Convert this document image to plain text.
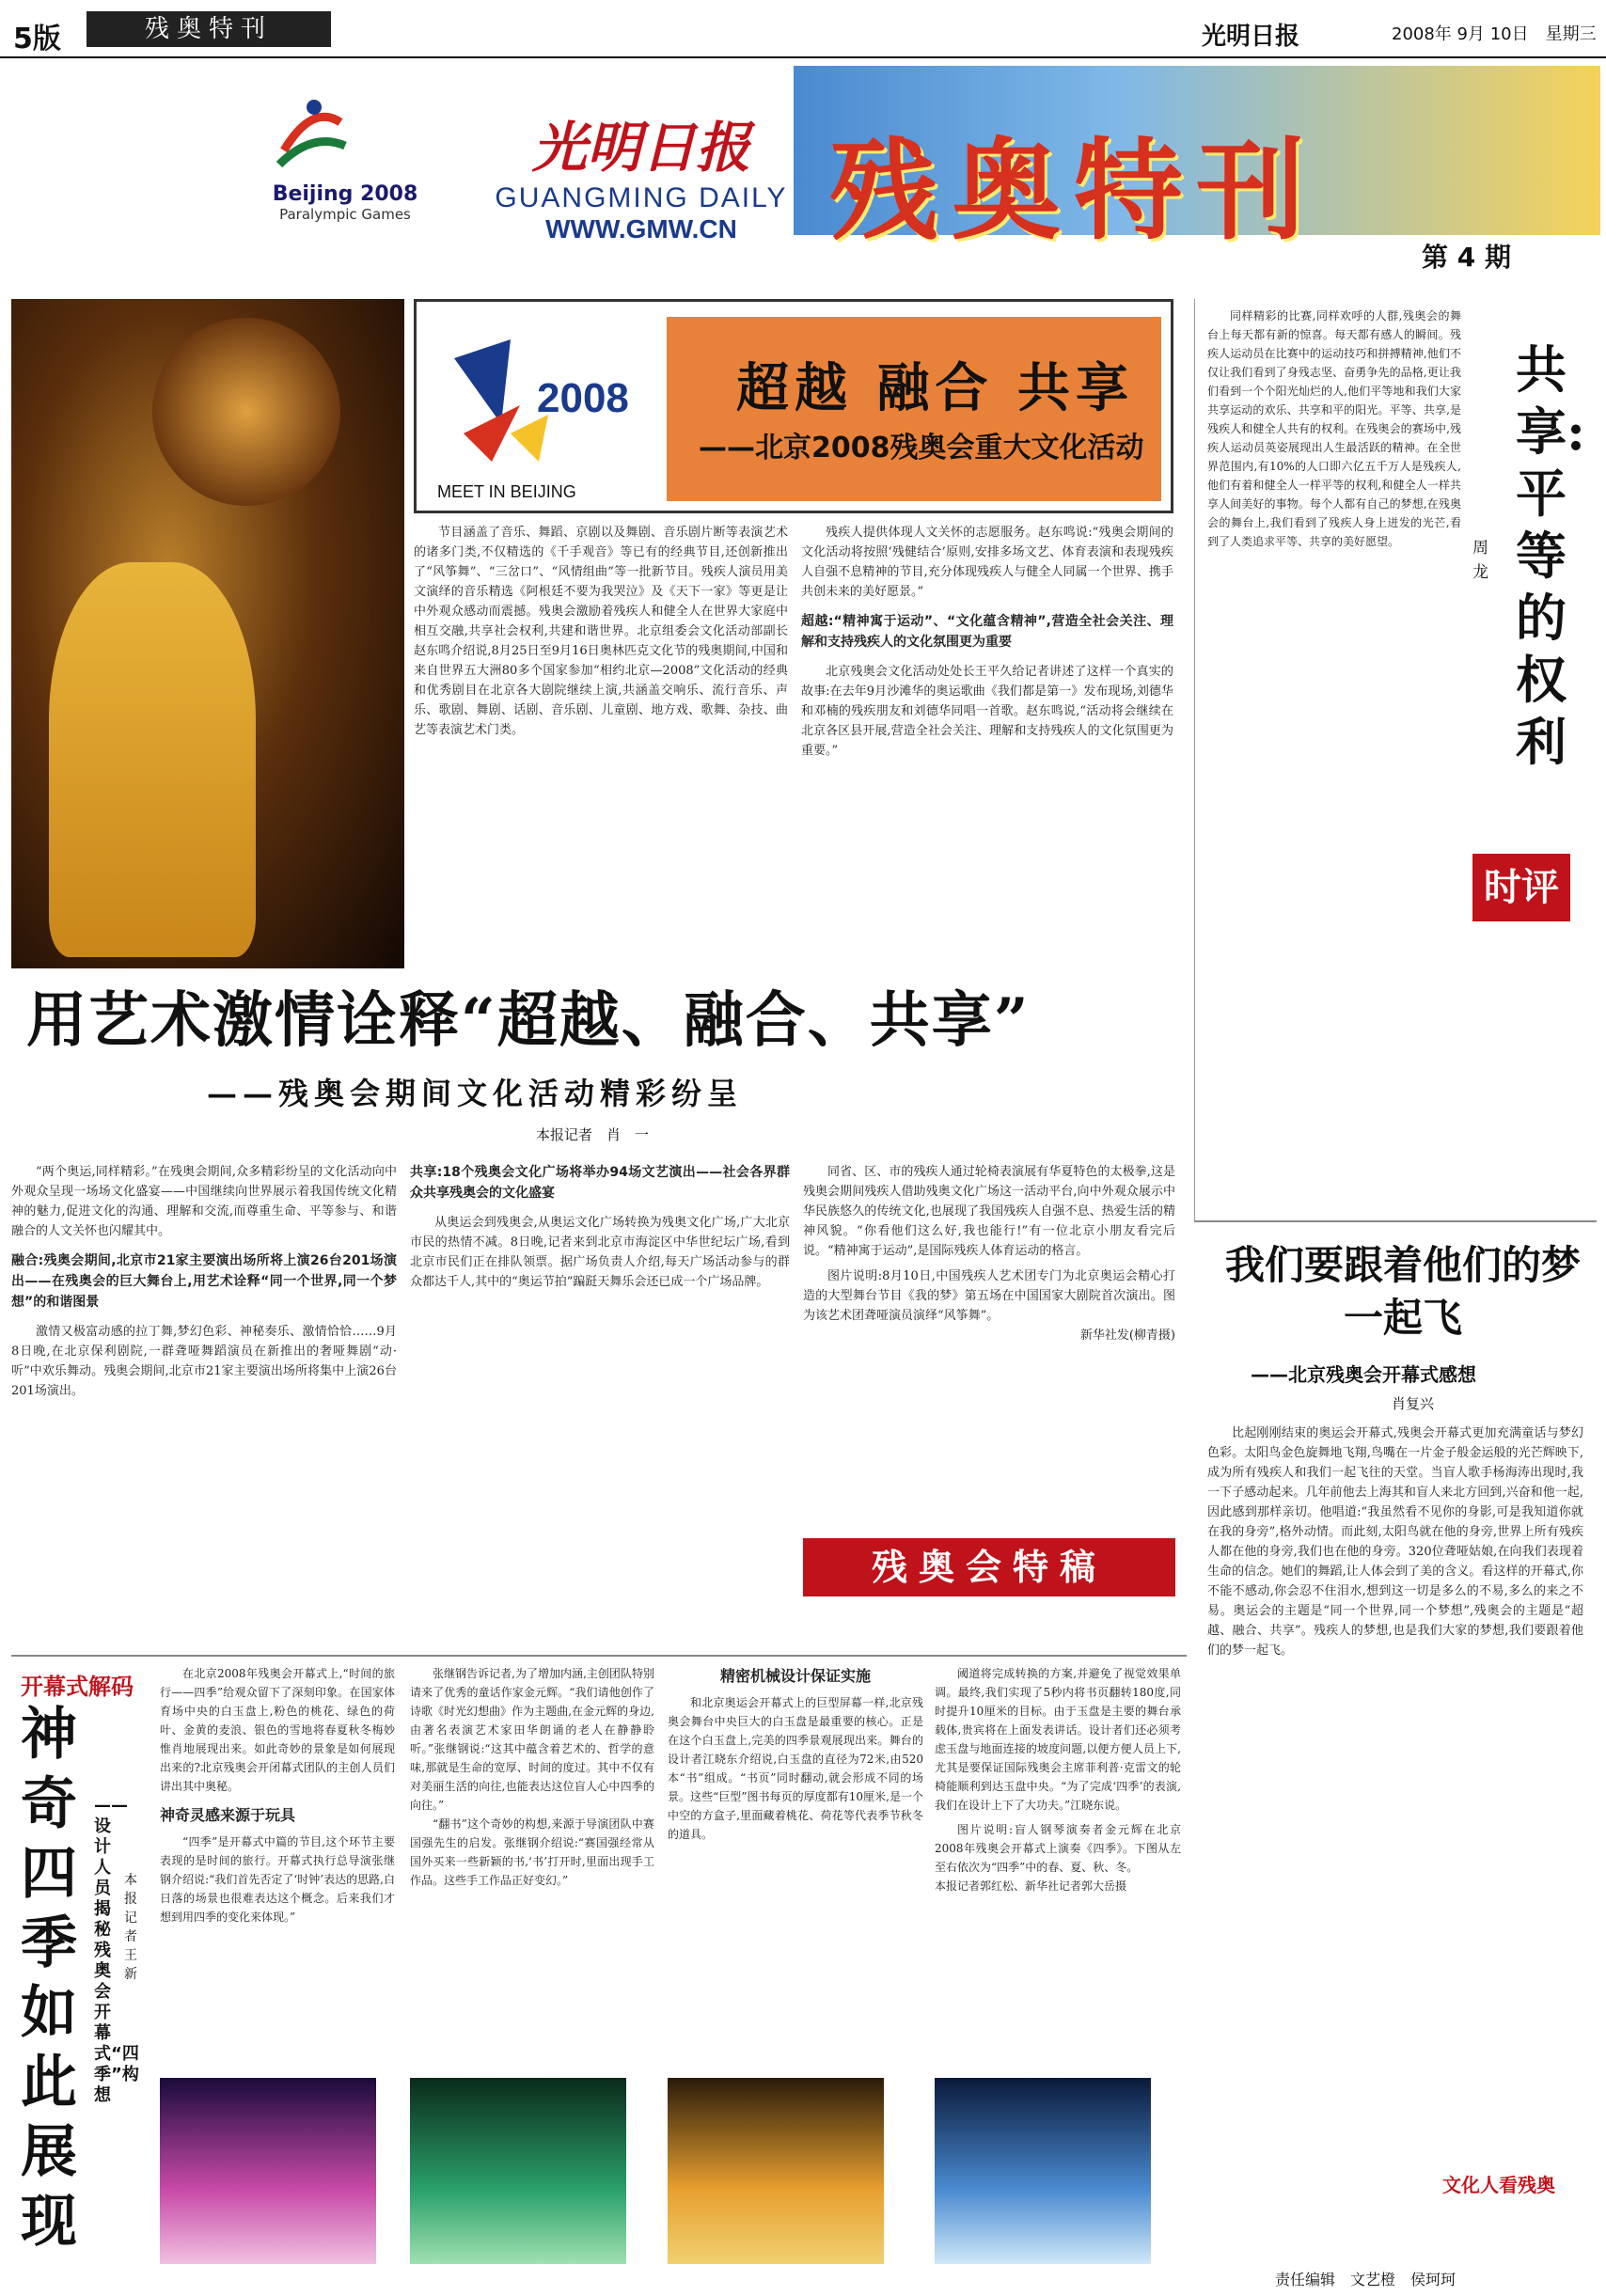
5版	残奥特刊	光明日报	2008年 9月 10日　星期三
Beijing 2008
Paralympic Games
光明日报
GUANGMING DAILY
WWW.GMW.CN 残奥特刊
第 4 期
2008
MEET IN BEIJING
超越 融合 共享
——北京2008残奥会重大文化活动

节目涵盖了音乐、舞蹈、京剧以及舞剧、音乐剧片断等表演艺术的诸多门类,不仅精选的《千手观音》等已有的经典节目,还创新推出了“风筝舞”、“三岔口”、“风情组曲”等一批新节目。残疾人演员用美文演绎的音乐精选《阿根廷不要为我哭泣》及《天下一家》等更是让中外观众感动而震撼。残奥会激励着残疾人和健全人在世界大家庭中相互交融,共享社会权利,共建和谐世界。北京组委会文化活动部副长赵东鸣介绍说,8月25日至9月16日奥林匹克文化节的残奥期间,中国和来自世界五大洲80多个国家参加“相约北京—2008”文化活动的经典和优秀剧目在北京各大剧院继续上演,共涵盖交响乐、流行音乐、声乐、歌剧、舞剧、话剧、音乐剧、儿童剧、地方戏、歌舞、杂技、曲艺等表演艺术门类。

残疾人提供体现人文关怀的志愿服务。赵东鸣说:“残奥会期间的文化活动将按照‘残健结合’原则,安排多场文艺、体育表演和表现残疾人自强不息精神的节目,充分体现残疾人与健全人同属一个世界、携手共创未来的美好愿景。”

超越:“精神寓于运动”、“文化蕴含精神”,营造全社会关注、理解和支持残疾人的文化氛围更为重要

北京残奥会文化活动处处长王平久给记者讲述了这样一个真实的故事:在去年9月沙滩华的奥运歌曲《我们都是第一》发布现场,刘德华和邓楠的残疾朋友和刘德华同唱一首歌。赵东鸣说,“活动将会继续在北京各区县开展,营造全社会关注、理解和支持残疾人的文化氛围更为重要。”

用艺术激情诠释“超越、融合、共享”
——残奥会期间文化活动精彩纷呈
本报记者　肖　一

“两个奥运,同样精彩。”在残奥会期间,众多精彩纷呈的文化活动向中外观众呈现一场场文化盛宴——中国继续向世界展示着我国传统文化精神的魅力,促进文化的沟通、理解和交流,而尊重生命、平等参与、和谐融合的人文关怀也闪耀其中。

融合:残奥会期间,北京市21家主要演出场所将上演26台201场演出——在残奥会的巨大舞台上,用艺术诠释“同一个世界,同一个梦想”的和谐图景

激情又极富动感的拉丁舞,梦幻色彩、神秘奏乐、激情恰恰……9月8日晚,在北京保利剧院,一群聋哑舞蹈演员在新推出的奢哑舞剧“动·听”中欢乐舞动。残奥会期间,北京市21家主要演出场所将集中上演26台201场演出。

共享:18个残奥会文化广场将举办94场文艺演出——社会各界群众共享残奥会的文化盛宴

从奥运会到残奥会,从奥运文化广场转换为残奥文化广场,广大北京市民的热情不减。8日晚,记者来到北京市海淀区中华世纪坛广场,看到北京市民们正在排队领票。据广场负责人介绍,每天广场活动参与的群众都达千人,其中的“奥运节拍”蹁跹天舞乐会还已成一个广场品牌。

同省、区、市的残疾人通过轮椅表演展有华夏特色的太极拳,这是残奥会期间残疾人借助残奥文化广场这一活动平台,向中外观众展示中华民族悠久的传统文化,也展现了我国残疾人自强不息、热爱生活的精神风貌。“你看他们这么好,我也能行!”有一位北京小朋友看完后说。“精神寓于运动”,是国际残疾人体育运动的格言。

图片说明:8月10日,中国残疾人艺术团专门为北京奥运会精心打造的大型舞台节目《我的梦》第五场在中国国家大剧院首次演出。图为该艺术团聋哑演员演绎“风筝舞”。

新华社发(柳青摄)
残奥会特稿

同样精彩的比赛,同样欢呼的人群,残奥会的舞台上每天都有新的惊喜。每天都有感人的瞬间。残疾人运动员在比赛中的运动技巧和拼搏精神,他们不仅让我们看到了身残志坚、奋勇争先的品格,更让我们看到一个个阳光灿烂的人,他们平等地和我们大家共享运动的欢乐、共享和平的阳光。平等、共享,是残疾人和健全人共有的权利。在残奥会的赛场中,残疾人运动员英姿展现出人生最活跃的精神。在全世界范围内,有10%的人口即六亿五千万人是残疾人,他们有着和健全人一样平等的权利,和健全人一样共享人间美好的事物。每个人都有自己的梦想,在残奥会的舞台上,我们看到了残疾人身上迸发的光芒,看到了人类追求平等、共享的美好愿望。

共享:平等的权利
周龙
时评
我们要跟着他们的梦一起飞
——北京残奥会开幕式感想
肖复兴

比起刚刚结束的奥运会开幕式,残奥会开幕式更加充满童话与梦幻色彩。太阳鸟金色旋舞地飞翔,鸟嘴在一片金子般金运般的光芒辉映下,成为所有残疾人和我们一起飞往的天堂。当盲人歌手杨海涛出现时,我一下子感动起来。几年前他去上海其和盲人来北方回到,兴奋和他一起,因此感到那样亲切。他唱道:“我虽然看不见你的身影,可是我知道你就在我的身旁”,格外动情。而此刻,太阳鸟就在他的身旁,世界上所有残疾人都在他的身旁,我们也在他的身旁。320位聋哑姑娘,在向我们表现着生命的信念。她们的舞蹈,让人体会到了美的含义。看这样的开幕式,你不能不感动,你会忍不住泪水,想到这一切是多么的不易,多么的来之不易。奥运会的主题是“同一个世界,同一个梦想”,残奥会的主题是“超越、融合、共享”。残疾人的梦想,也是我们大家的梦想,我们要跟着他们的梦一起飞。

文化人看残奥
开幕式解码
神奇四季如此展现
——设计人员揭秘残奥会开幕式“四季”构想
本报记者　王　新

在北京2008年残奥会开幕式上,“时间的旅行——四季”给观众留下了深刻印象。在国家体育场中央的白玉盘上,粉色的桃花、绿色的荷叶、金黄的麦浪、银色的雪地将春夏秋冬梅妙惟肖地展现出来。如此奇妙的景象是如何展现出来的?北京残奥会开闭幕式团队的主创人员们讲出其中奥秘。

神奇灵感来源于玩具

“四季”是开幕式中篇的节目,这个环节主要表现的是时间的旅行。开幕式执行总导演张继钢介绍说:“我们首先否定了‘时钟’表达的思路,白日落的场景也很难表达这个概念。后来我们才想到用四季的变化来体现。”

张继钢告诉记者,为了增加内涵,主创团队特别请来了优秀的童话作家金元辉。“我们请他创作了诗歌《时光幻想曲》作为主题曲,在金元辉的身边,由著名表演艺术家田华朗诵的老人在静静聆听。”张继钢说:“这其中蕴含着艺术的、哲学的意味,那就是生命的宽厚、时间的度过。其中不仅有对美丽生活的向往,也能表达这位盲人心中四季的向往。”

“翻书”这个奇妙的构想,来源于导演团队中赛国强先生的启发。张继钢介绍说:“赛国强经常从国外买来一些新颖的书,‘书’打开时,里面出现手工作品。这些手工作品正好变幻。”

精密机械设计保证实施

和北京奥运会开幕式上的巨型屏幕一样,北京残奥会舞台中央巨大的白玉盘是最重要的核心。正是在这个白玉盘上,完美的四季景观展现出来。舞台的设计者江晓东介绍说,白玉盘的直径为72米,由520本“书”组成。“书页”同时翻动,就会形成不同的场景。这些“巨型”图书每页的厚度都有10厘米,是一个中空的方盒子,里面藏着桃花、荷花等代表季节秋冬的道具。

阈道将完成转换的方案,并避免了视觉效果单调。最终,我们实现了5秒内将书页翻转180度,同时提升10厘米的目标。由于玉盘是主要的舞台承载体,贵宾将在上面发表讲话。设计者们还必须考虑玉盘与地面连接的坡度问题,以便方便人员上下,尤其是要保证国际残奥会主席菲利普·克雷文的轮椅能顺利到达玉盘中央。“为了完成‘四季’的表演,我们在设计上下了大功夫。”江晓东说。

图片说明:盲人钢琴演奏者金元辉在北京2008年残奥会开幕式上演奏《四季》。下图从左至右依次为“四季”中的春、夏、秋、冬。

本报记者郭红松、新华社记者郭大岳摄
责任编辑　文艺橙　侯珂珂
